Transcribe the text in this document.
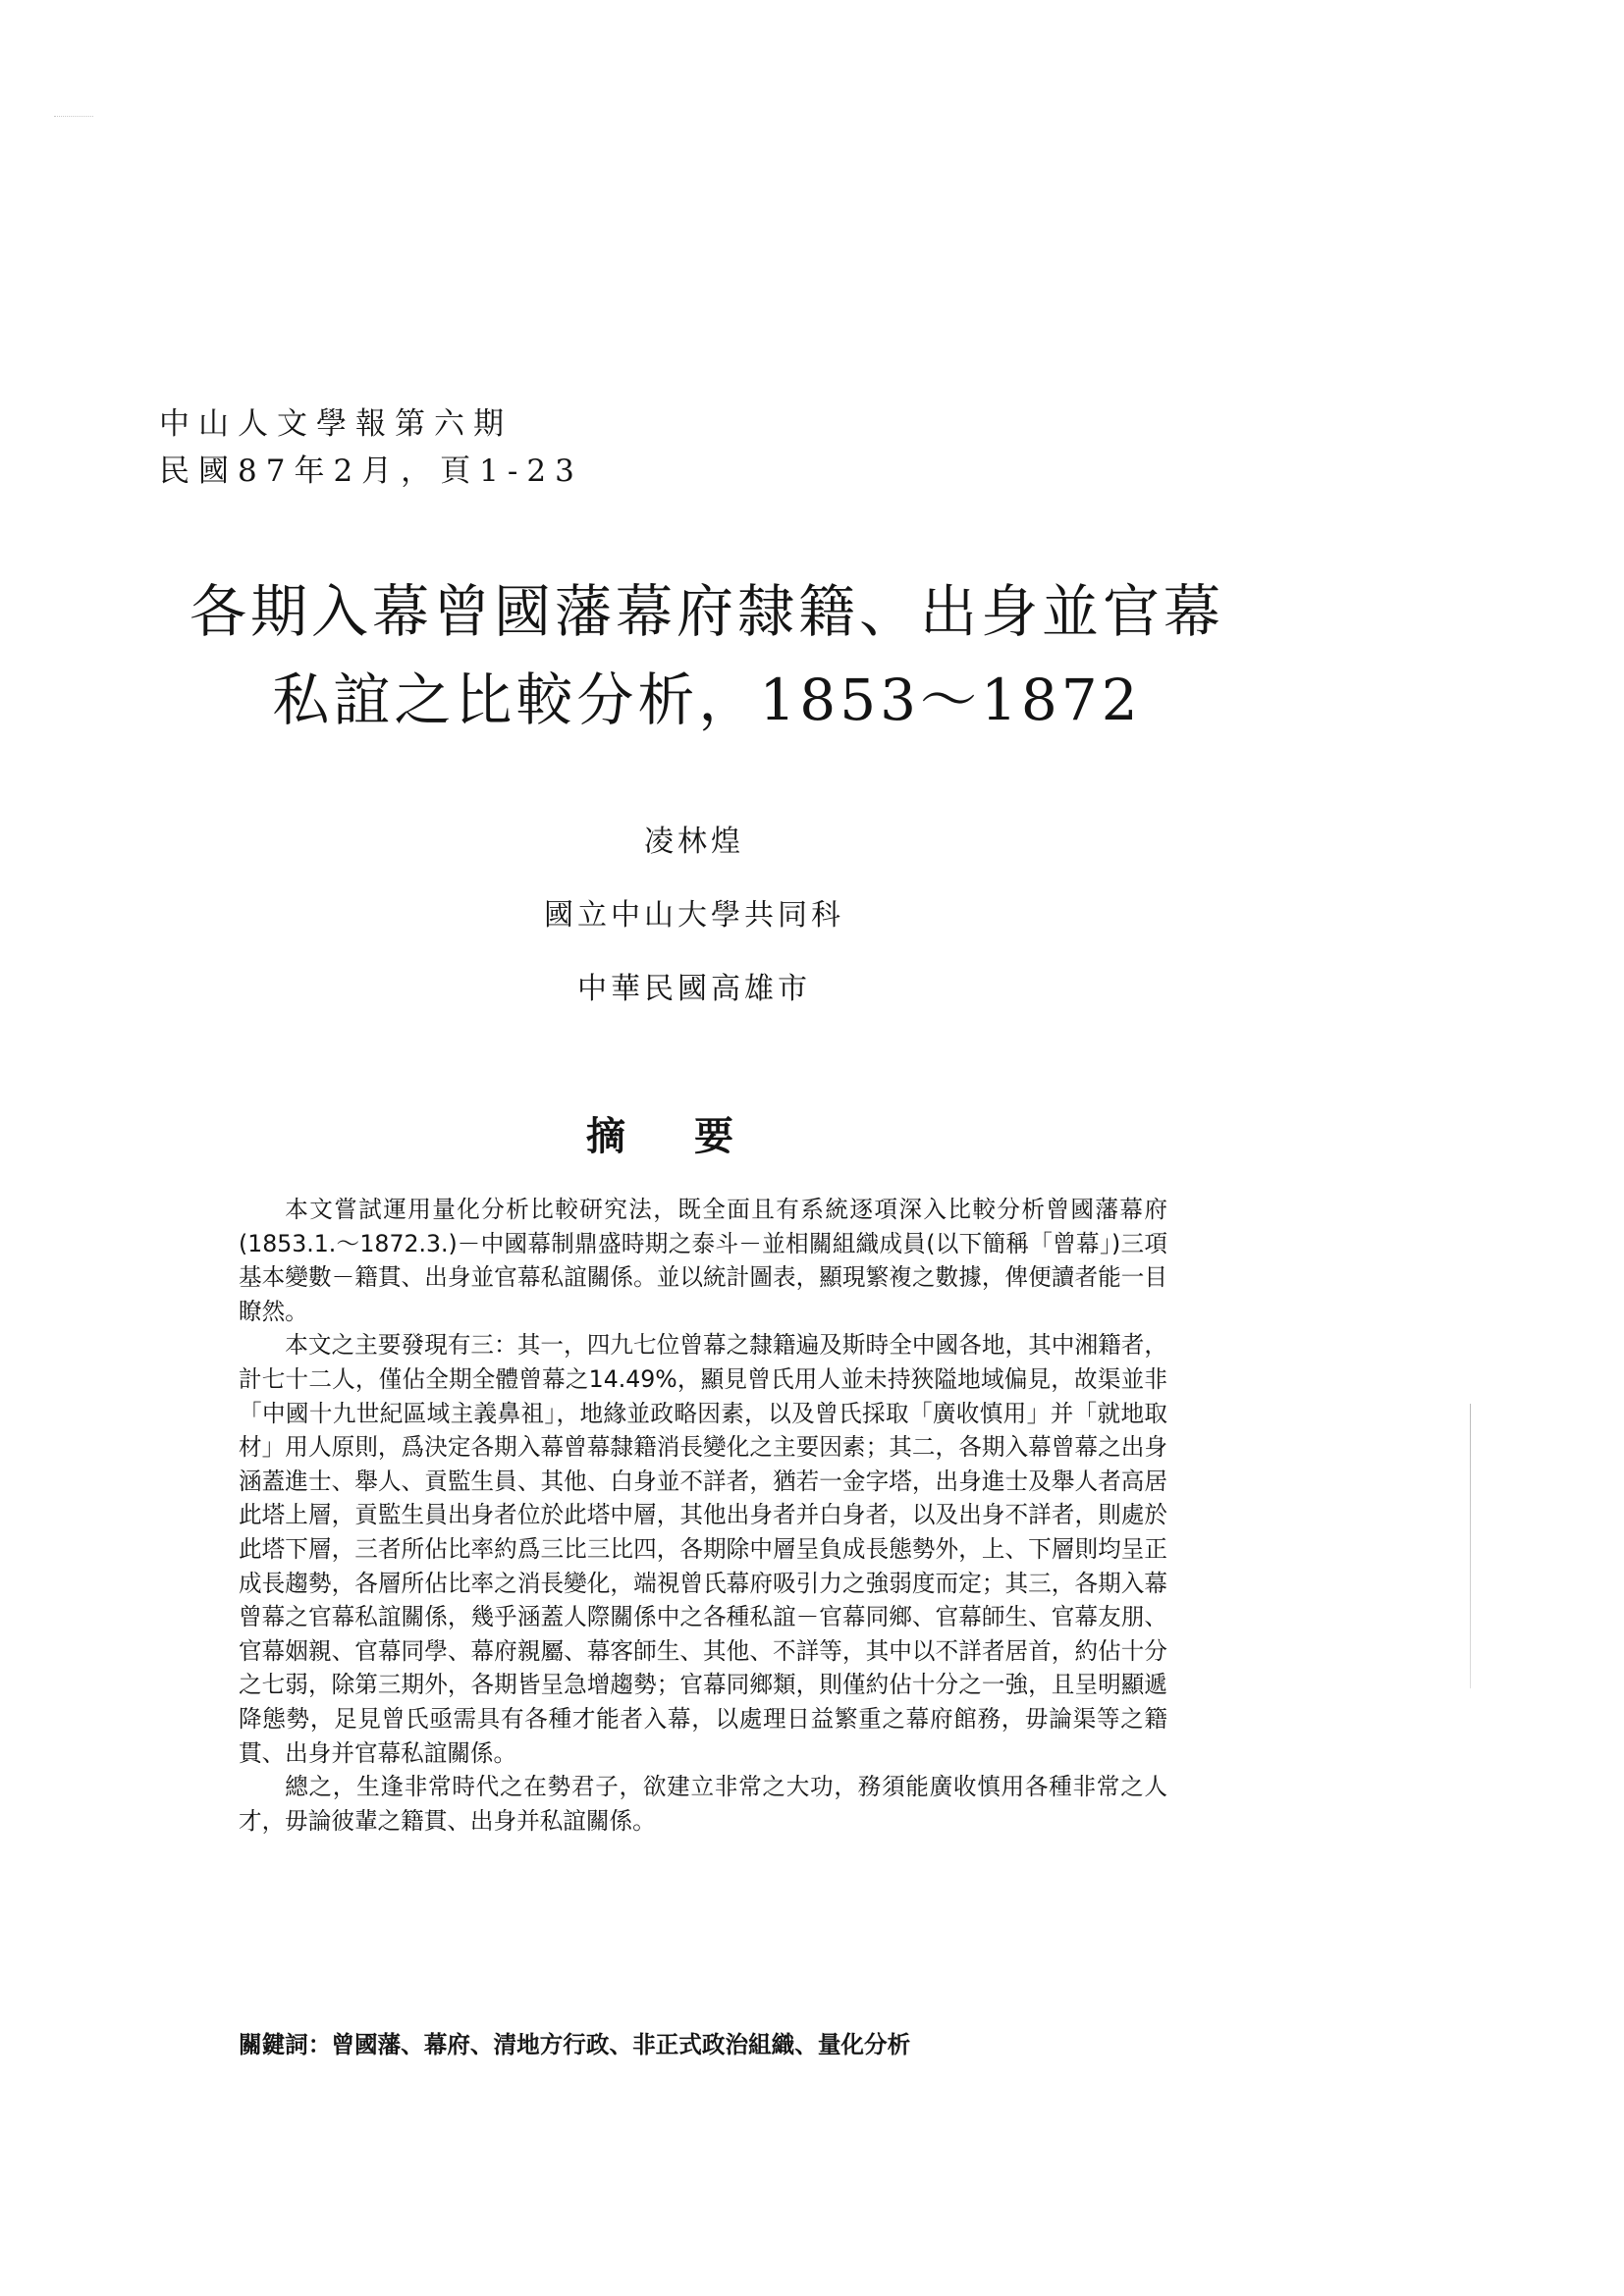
中山人文學報第六期
民國87年2月，頁1-23
各期入幕曾國藩幕府隸籍、出身並官幕
私誼之比較分析，1853～1872
凌林煌
國立中山大學共同科
中華民國高雄市
摘要

本文嘗試運用量化分析比較研究法，既全面且有系統逐項深入比較分析曾國藩幕府(1853.1.～1872.3.)－中國幕制鼎盛時期之泰斗－並相關組織成員(以下簡稱「曾幕」)三項基本變數－籍貫、出身並官幕私誼關係。並以統計圖表，顯現繁複之數據，俾便讀者能一目瞭然。

本文之主要發現有三：其一，四九七位曾幕之隸籍遍及斯時全中國各地，其中湘籍者，計七十二人，僅佔全期全體曾幕之14.49%，顯見曾氏用人並未持狹隘地域偏見，故渠並非「中國十九世紀區域主義鼻祖」，地緣並政略因素，以及曾氏採取「廣收慎用」并「就地取材」用人原則，爲決定各期入幕曾幕隸籍消長變化之主要因素；其二，各期入幕曾幕之出身涵蓋進士、舉人、貢監生員、其他、白身並不詳者，猶若一金字塔，出身進士及舉人者高居此塔上層，貢監生員出身者位於此塔中層，其他出身者并白身者，以及出身不詳者，則處於此塔下層，三者所佔比率約爲三比三比四，各期除中層呈負成長態勢外，上、下層則均呈正成長趨勢，各層所佔比率之消長變化，端視曾氏幕府吸引力之強弱度而定；其三，各期入幕曾幕之官幕私誼關係，幾乎涵蓋人際關係中之各種私誼－官幕同鄉、官幕師生、官幕友朋、官幕姻親、官幕同學、幕府親屬、幕客師生、其他、不詳等，其中以不詳者居首，約佔十分之七弱，除第三期外，各期皆呈急增趨勢；官幕同鄉類，則僅約佔十分之一強，且呈明顯遞降態勢，足見曾氏亟需具有各種才能者入幕，以處理日益繁重之幕府館務，毋論渠等之籍貫、出身并官幕私誼關係。

總之，生逢非常時代之在勢君子，欲建立非常之大功，務須能廣收慎用各種非常之人才，毋論彼輩之籍貫、出身并私誼關係。

關鍵詞：曾國藩、幕府、清地方行政、非正式政治組織、量化分析
